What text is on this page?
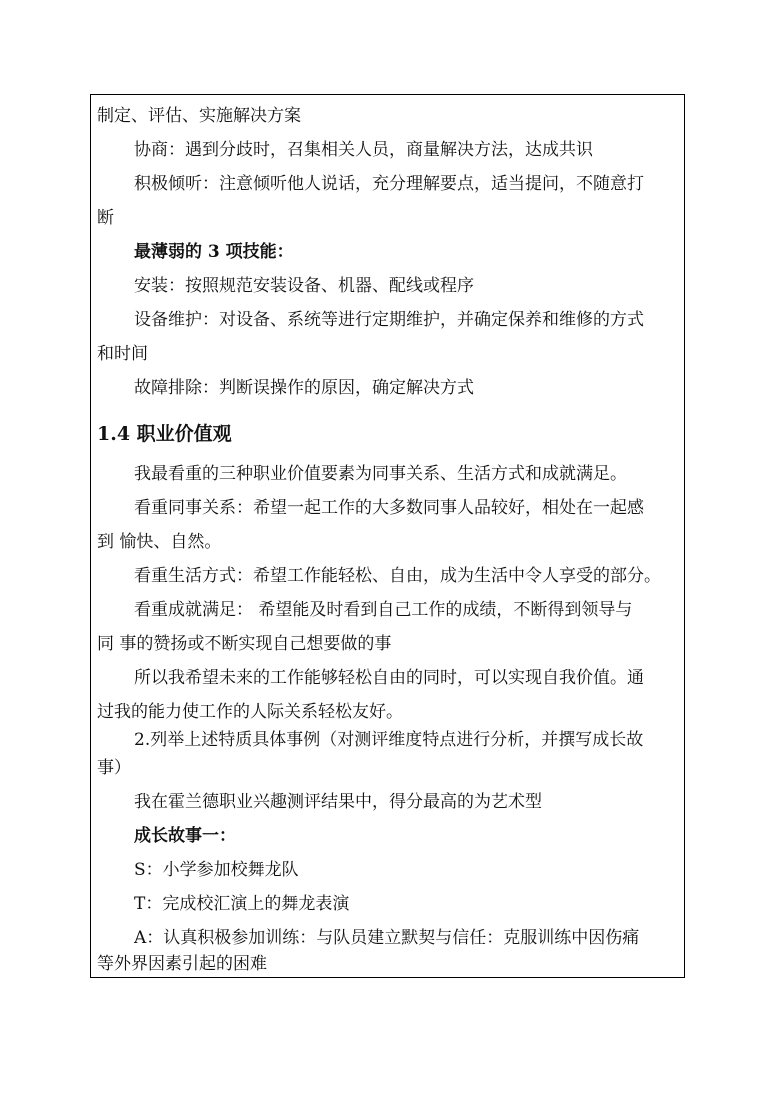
制定、评估、实施解决方案
协商：遇到分歧时，召集相关人员，商量解决方法，达成共识
积极倾听：注意倾听他人说话，充分理解要点，适当提问，不随意打
断
最薄弱的 3 项技能：
安装：按照规范安装设备、机器、配线或程序
设备维护：对设备、系统等进行定期维护，并确定保养和维修的方式
和时间
故障排除：判断误操作的原因，确定解决方式
1.4 职业价值观
我最看重的三种职业价值要素为同事关系、生活方式和成就满足。
看重同事关系：希望一起工作的大多数同事人品较好，相处在一起感
到 愉快、自然。
看重生活方式：希望工作能轻松、自由，成为生活中令人享受的部分。
看重成就满足： 希望能及时看到自己工作的成绩，不断得到领导与
同 事的赞扬或不断实现自己想要做的事
所以我希望未来的工作能够轻松自由的同时，可以实现自我价值。通
过我的能力使工作的人际关系轻松友好。
2.列举上述特质具体事例（对测评维度特点进行分析，并撰写成长故
事）
我在霍兰德职业兴趣测评结果中，得分最高的为艺术型
成长故事一：
S：小学参加校舞龙队
T：完成校汇演上的舞龙表演
A：认真积极参加训练：与队员建立默契与信任：克服训练中因伤痛
等外界因素引起的困难
